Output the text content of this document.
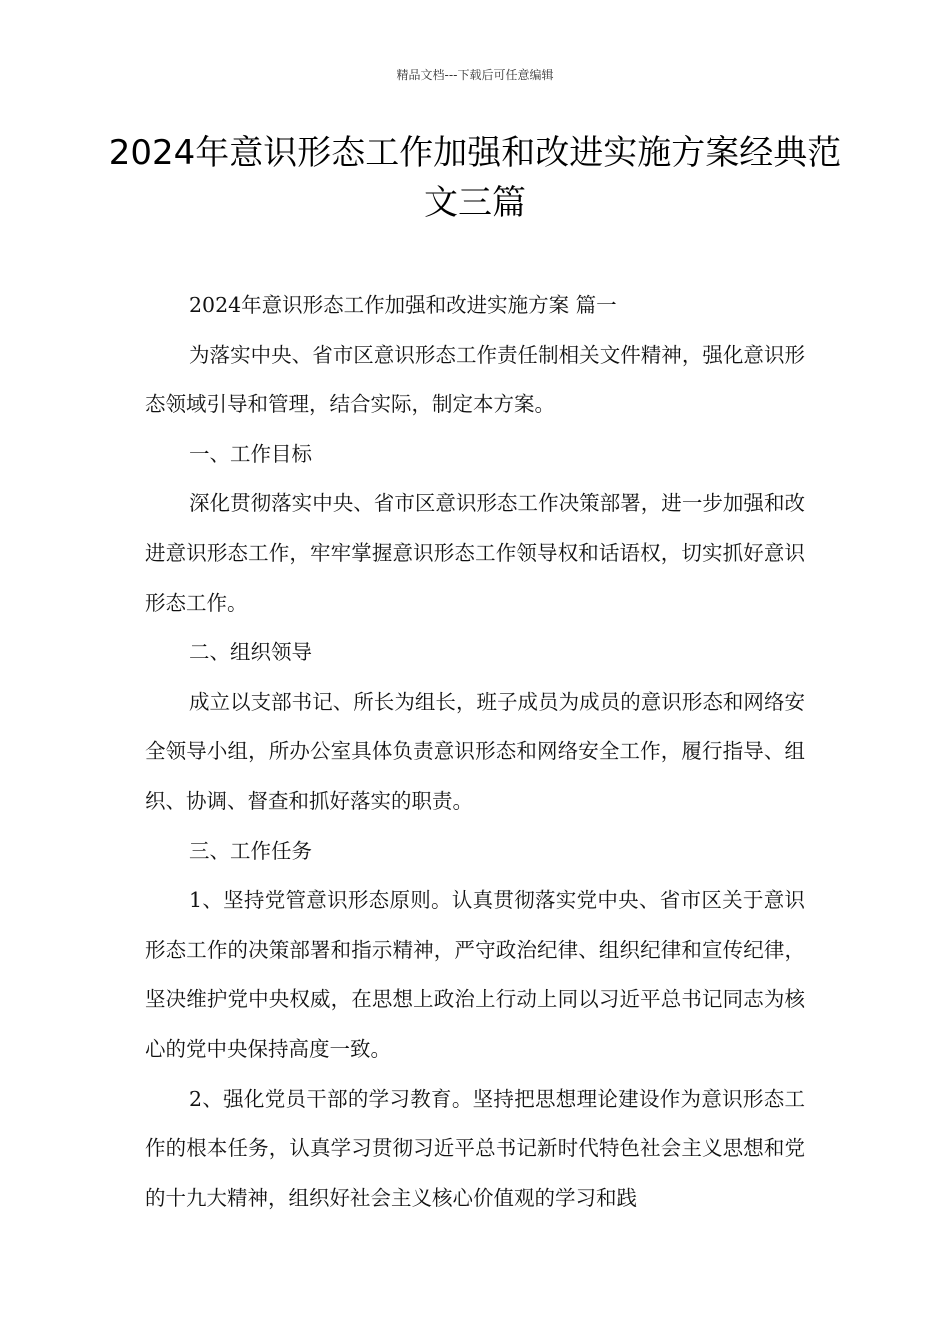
精品文档---下载后可任意编辑
2024年意识形态工作加强和改进实施方案经典范文三篇

2024年意识形态工作加强和改进实施方案 篇一

为落实中央、省市区意识形态工作责任制相关文件精神，强化意识形态领域引导和管理，结合实际，制定本方案。

一、工作目标

深化贯彻落实中央、省市区意识形态工作决策部署，进一步加强和改进意识形态工作，牢牢掌握意识形态工作领导权和话语权，切实抓好意识形态工作。

二、组织领导

成立以支部书记、所长为组长，班子成员为成员的意识形态和网络安全领导小组，所办公室具体负责意识形态和网络安全工作，履行指导、组织、协调、督查和抓好落实的职责。

三、工作任务

1、坚持党管意识形态原则。认真贯彻落实党中央、省市区关于意识形态工作的决策部署和指示精神，严守政治纪律、组织纪律和宣传纪律，坚决维护党中央权威，在思想上政治上行动上同以习近平总书记同志为核心的党中央保持高度一致。

2、强化党员干部的学习教育。坚持把思想理论建设作为意识形态工作的根本任务，认真学习贯彻习近平总书记新时代特色社会主义思想和党的十九大精神，组织好社会主义核心价值观的学习和践
